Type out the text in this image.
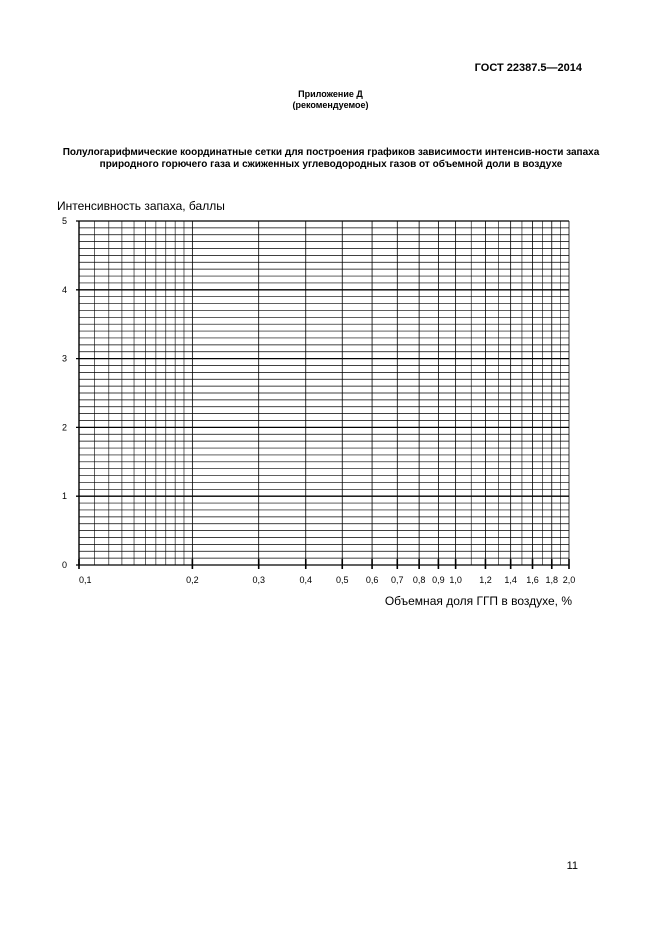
ГОСТ 22387.5—2014
Приложение Д
(рекомендуемое)
Полулогарифмические координатные сетки для построения графиков зависимости интенсив-ности запаха природного горючего газа и сжиженных углеводородных газов от объемной доли в воздухе
Интенсивность запаха, баллы
Объемная доля ГГП в воздухе, %
0
1
2
3
4
5
0,1	0,2	0,3	0,4	0,5 0,6 0,7 0,8 0,9 1,0 1,2 1,4 1,6 1,8 2,0
11
